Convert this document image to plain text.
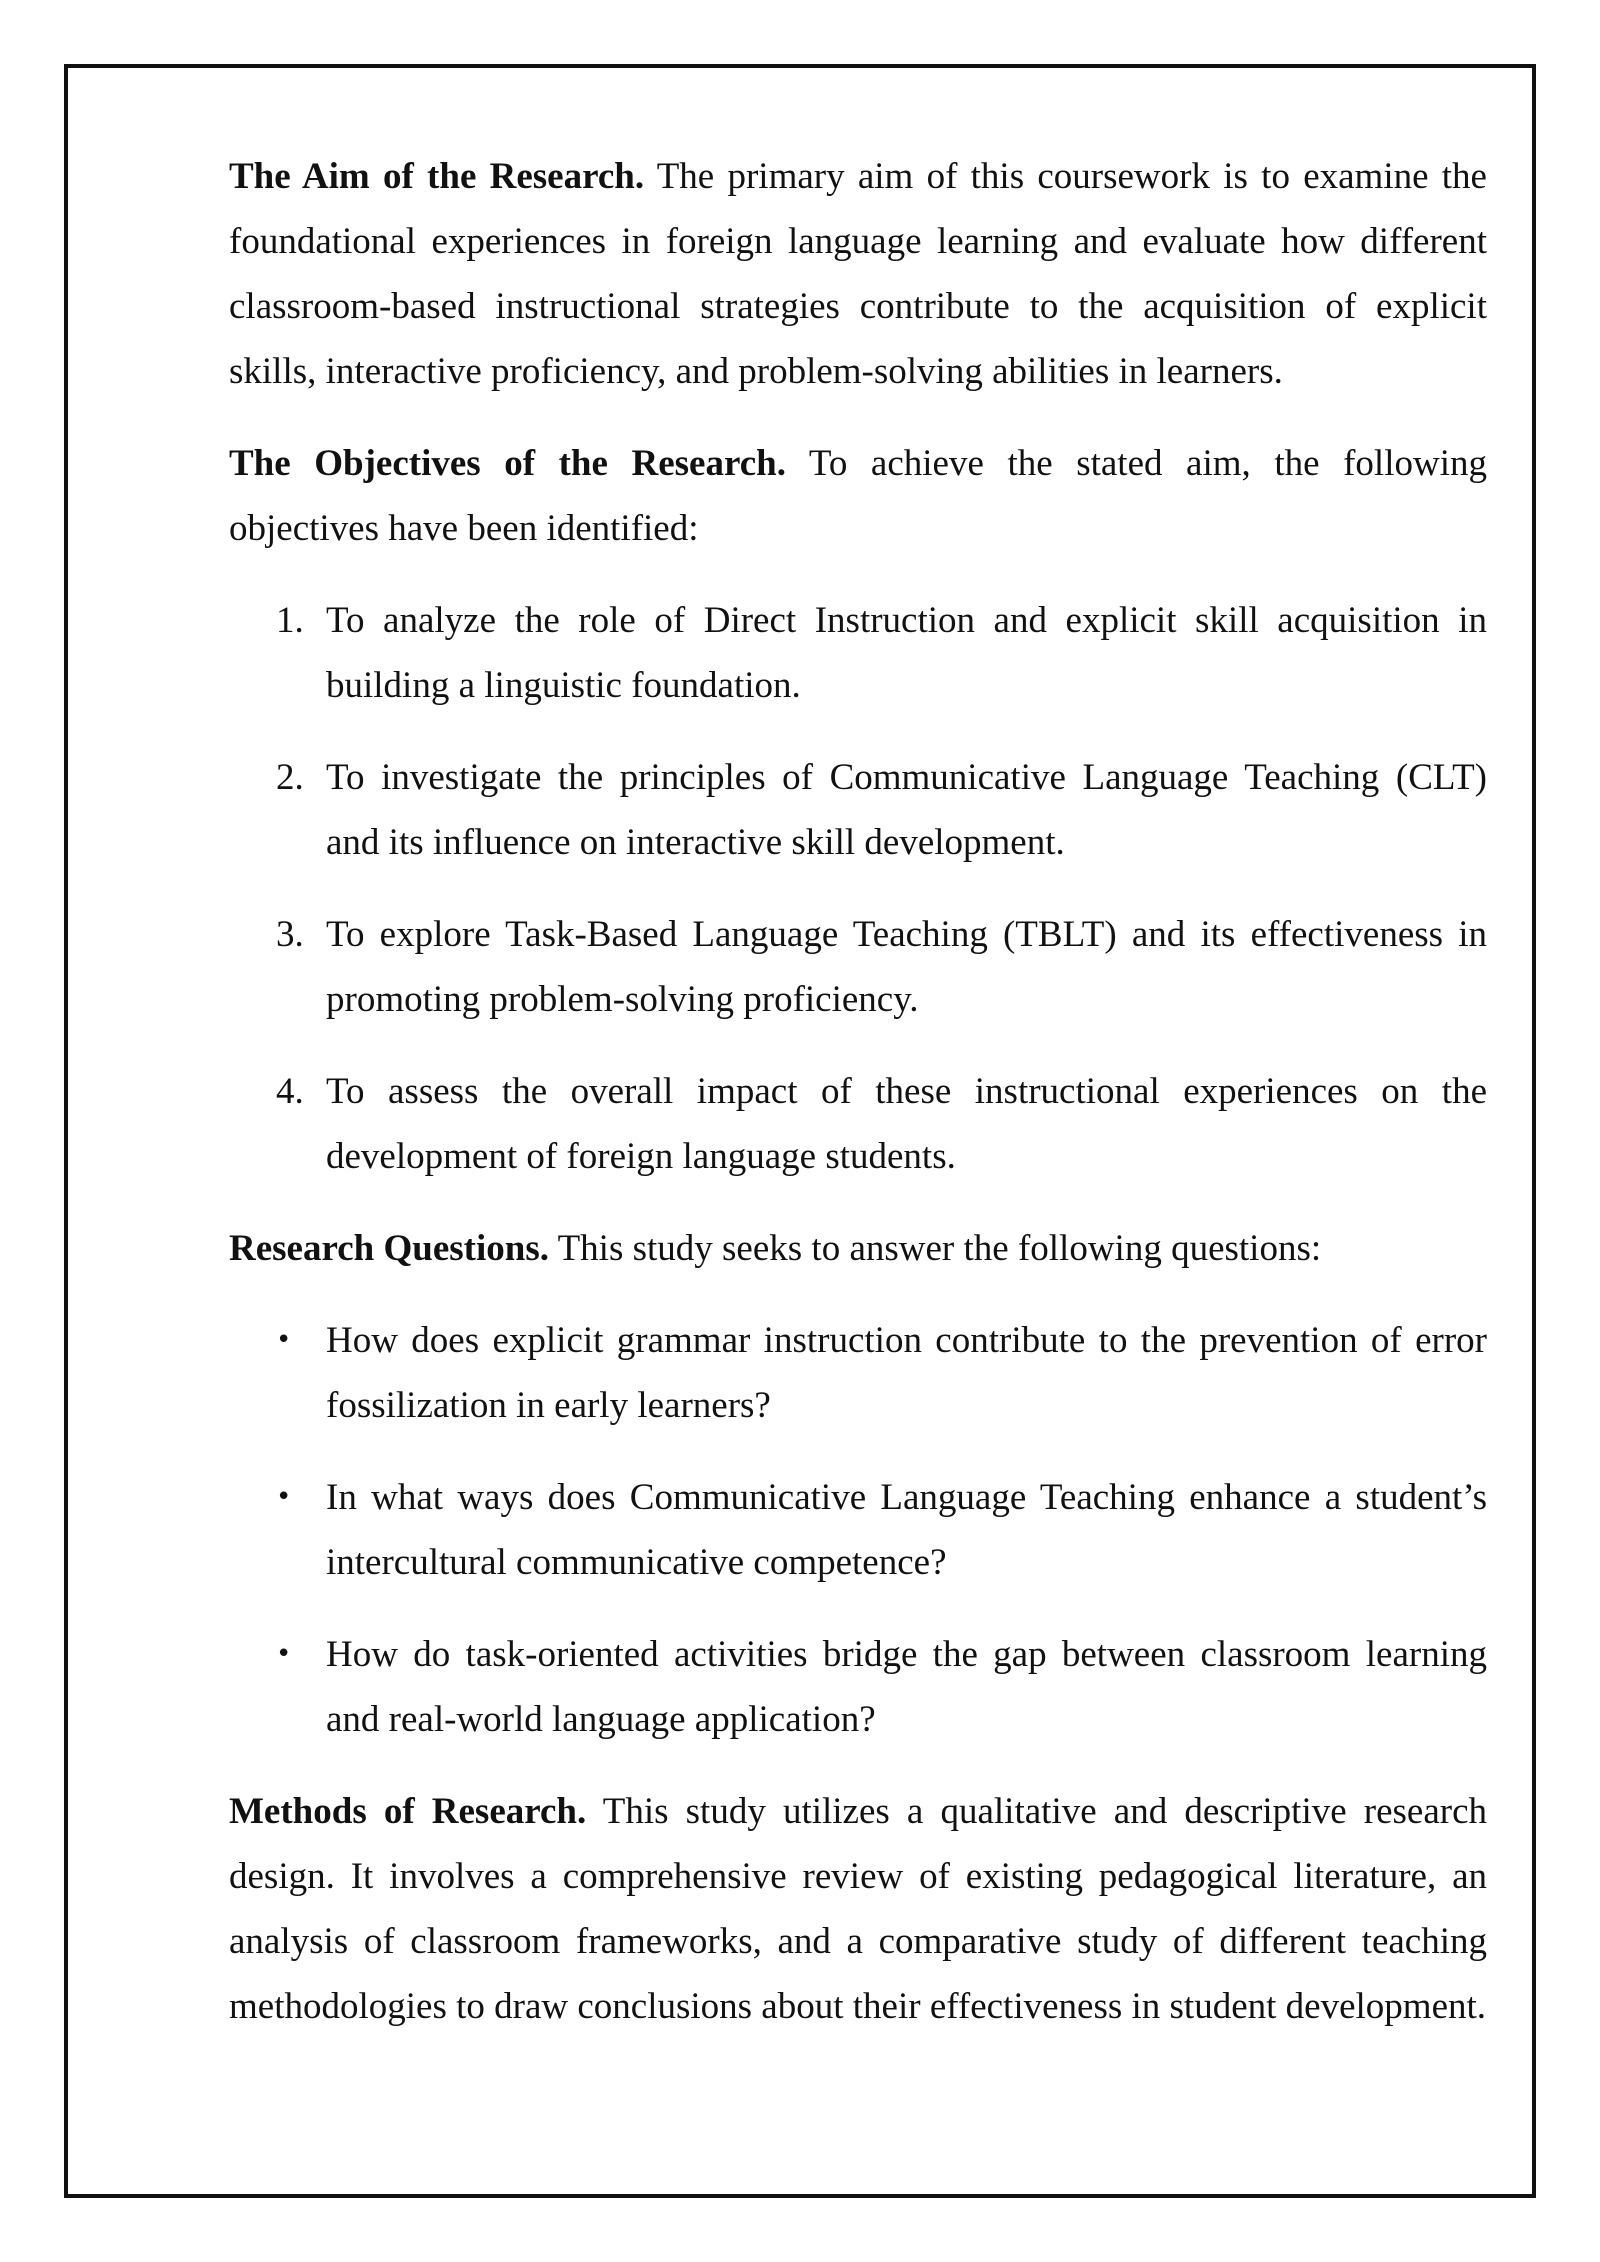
The Aim of the Research. The primary aim of this coursework is to examine the foundational experiences in foreign language learning and evaluate how different classroom-based instructional strategies contribute to the acquisition of explicit skills, interactive proficiency, and problem-solving abilities in learners.

The Objectives of the Research. To achieve the stated aim, the following objectives have been identified:

1. To analyze the role of Direct Instruction and explicit skill acquisition in building a linguistic foundation.
2. To investigate the principles of Communicative Language Teaching (CLT) and its influence on interactive skill development.
3. To explore Task-Based Language Teaching (TBLT) and its effectiveness in promoting problem-solving proficiency.
4. To assess the overall impact of these instructional experiences on the development of foreign language students.

Research Questions. This study seeks to answer the following questions:

• How does explicit grammar instruction contribute to the prevention of error fossilization in early learners?
• In what ways does Communicative Language Teaching enhance a student’s intercultural communicative competence?
• How do task-oriented activities bridge the gap between classroom learning and real-world language application?

Methods of Research. This study utilizes a qualitative and descriptive research design. It involves a comprehensive review of existing pedagogical literature, an analysis of classroom frameworks, and a comparative study of different teaching methodologies to draw conclusions about their effectiveness in student development.
